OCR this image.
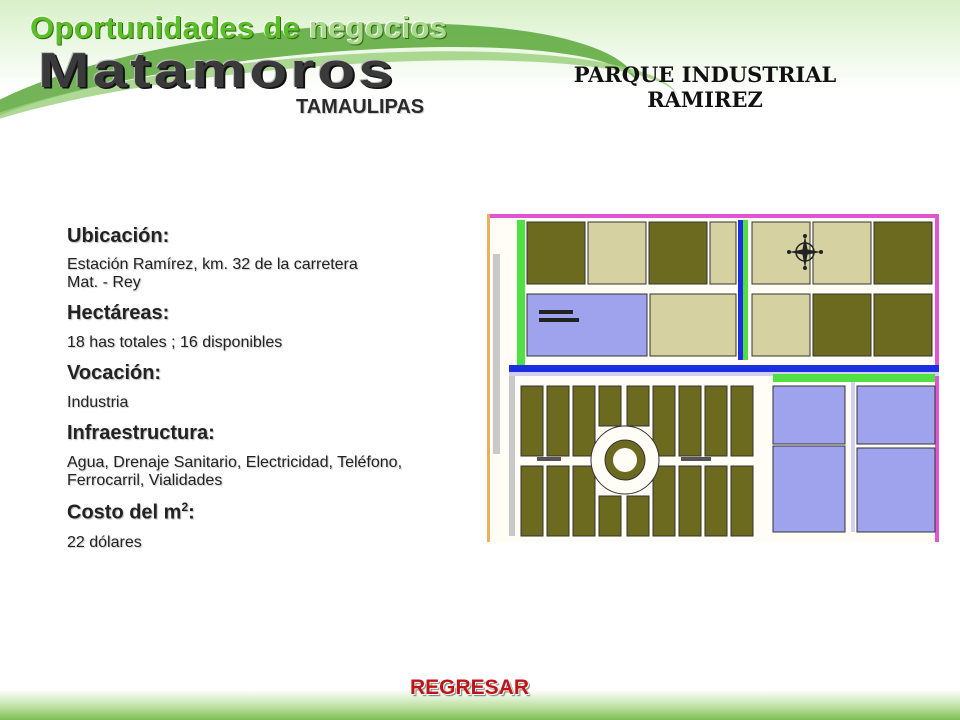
Oportunidades de negocios
Matamoros
TAMAULIPAS
PARQUE INDUSTRIAL
RAMIREZ
Ubicación:
Estación Ramírez, km. 32 de la carretera Mat. - Rey
Hectáreas:
18 has totales ; 16 disponibles
Vocación:
Industria
Infraestructura:
Agua, Drenaje Sanitario, Electricidad, Teléfono, Ferrocarril, Vialidades
Costo del $m^2$:
22 dólares
REGRESAR
